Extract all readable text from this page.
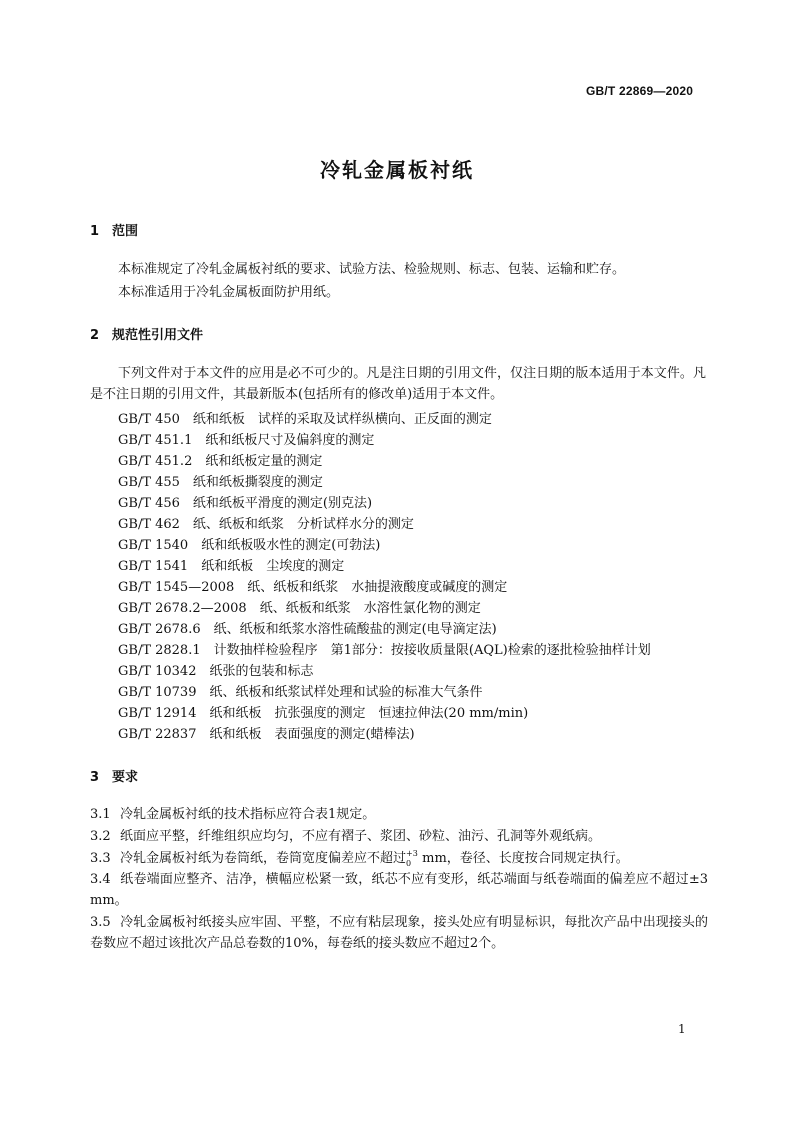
GB/T 22869—2020
冷轧金属板衬纸
1 范围
本标准规定了冷轧金属板衬纸的要求、试验方法、检验规则、标志、包装、运输和贮存。
本标准适用于冷轧金属板面防护用纸。
2 规范性引用文件
下列文件对于本文件的应用是必不可少的。凡是注日期的引用文件，仅注日期的版本适用于本文件。凡是不注日期的引用文件，其最新版本(包括所有的修改单)适用于本文件。
GB/T 450　纸和纸板　试样的采取及试样纵横向、正反面的测定
GB/T 451.1　纸和纸板尺寸及偏斜度的测定
GB/T 451.2　纸和纸板定量的测定
GB/T 455　纸和纸板撕裂度的测定
GB/T 456　纸和纸板平滑度的测定(别克法)
GB/T 462　纸、纸板和纸浆　分析试样水分的测定
GB/T 1540　纸和纸板吸水性的测定(可勃法)
GB/T 1541　纸和纸板　尘埃度的测定
GB/T 1545—2008　纸、纸板和纸浆　水抽提液酸度或碱度的测定
GB/T 2678.2—2008　纸、纸板和纸浆　水溶性氯化物的测定
GB/T 2678.6　纸、纸板和纸浆水溶性硫酸盐的测定(电导滴定法)
GB/T 2828.1　计数抽样检验程序　第1部分：按接收质量限(AQL)检索的逐批检验抽样计划
GB/T 10342　纸张的包装和标志
GB/T 10739　纸、纸板和纸浆试样处理和试验的标准大气条件
GB/T 12914　纸和纸板　抗张强度的测定　恒速拉伸法(20 mm/min)
GB/T 22837　纸和纸板　表面强度的测定(蜡棒法)
3 要求
3.1 冷轧金属板衬纸的技术指标应符合表1规定。
3.2 纸面应平整，纤维组织应均匀，不应有褶子、浆团、砂粒、油污、孔洞等外观纸病。
3.3 冷轧金属板衬纸为卷筒纸，卷筒宽度偏差应不超过 +3
0 mm，卷径、长度按合同规定执行。
3.4 纸卷端面应整齐、洁净，横幅应松紧一致，纸芯不应有变形，纸芯端面与纸卷端面的偏差应不超过±3 mm。
3.5 冷轧金属板衬纸接头应牢固、平整，不应有粘层现象，接头处应有明显标识，每批次产品中出现接头的卷数应不超过该批次产品总卷数的10%，每卷纸的接头数应不超过2个。
1
